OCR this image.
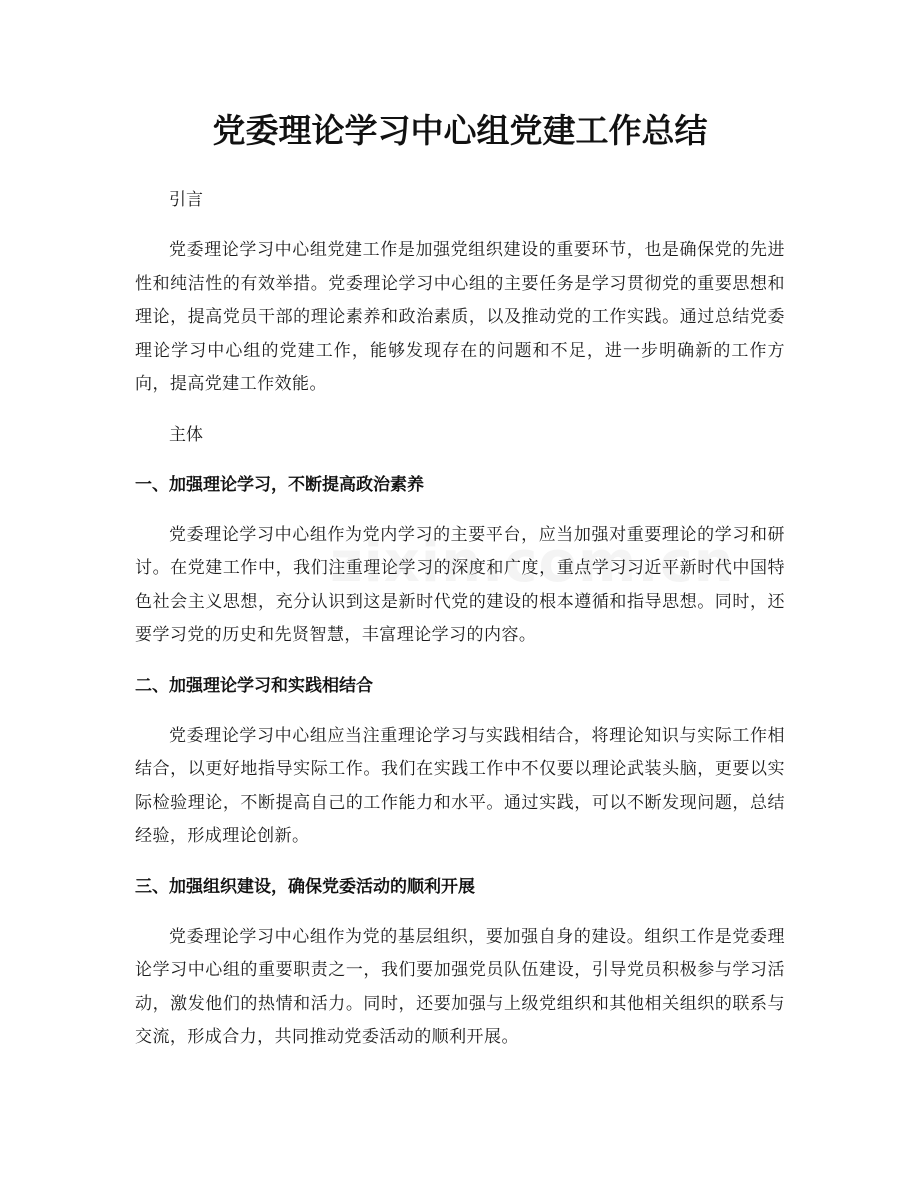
党委理论学习中心组党建工作总结

引言

党委理论学习中心组党建工作是加强党组织建设的重要环节，也是确保党的先进性和纯洁性的有效举措。党委理论学习中心组的主要任务是学习贯彻党的重要思想和理论，提高党员干部的理论素养和政治素质，以及推动党的工作实践。通过总结党委理论学习中心组的党建工作，能够发现存在的问题和不足，进一步明确新的工作方向，提高党建工作效能。

主体

一、加强理论学习，不断提高政治素养

党委理论学习中心组作为党内学习的主要平台，应当加强对重要理论的学习和研讨。在党建工作中，我们注重理论学习的深度和广度，重点学习习近平新时代中国特色社会主义思想，充分认识到这是新时代党的建设的根本遵循和指导思想。同时，还要学习党的历史和先贤智慧，丰富理论学习的内容。

二、加强理论学习和实践相结合

党委理论学习中心组应当注重理论学习与实践相结合，将理论知识与实际工作相结合，以更好地指导实际工作。我们在实践工作中不仅要以理论武装头脑，更要以实际检验理论，不断提高自己的工作能力和水平。通过实践，可以不断发现问题，总结经验，形成理论创新。

三、加强组织建设，确保党委活动的顺利开展

党委理论学习中心组作为党的基层组织，要加强自身的建设。组织工作是党委理论学习中心组的重要职责之一，我们要加强党员队伍建设，引导党员积极参与学习活动，激发他们的热情和活力。同时，还要加强与上级党组织和其他相关组织的联系与交流，形成合力，共同推动党委活动的顺利开展。
